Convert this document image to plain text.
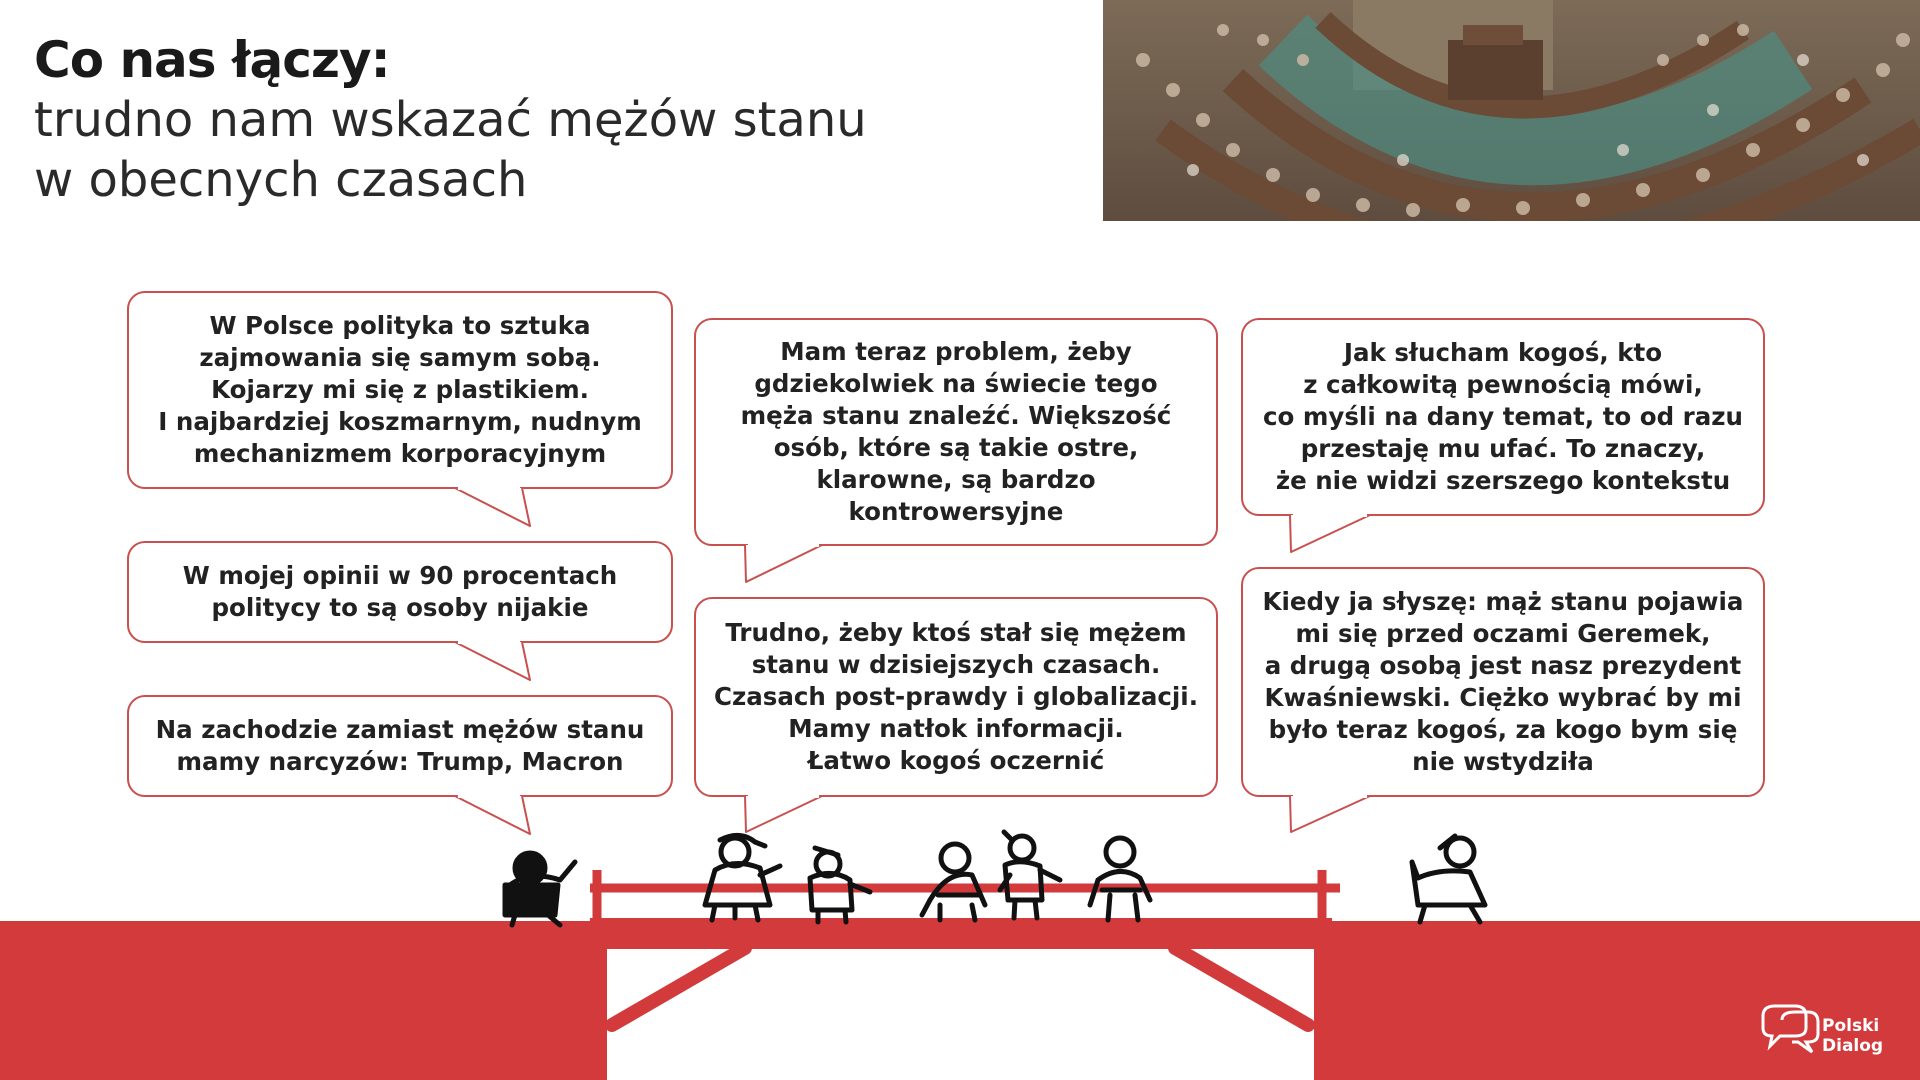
Co nas łączy:
trudno nam wskazać mężów stanu
w obecnych czasach

W Polsce polityka to sztuka
zajmowania się samym sobą.
Kojarzy mi się z plastikiem.
I najbardziej koszmarnym, nudnym
mechanizmem korporacyjnym

W mojej opinii w 90 procentach
politycy to są osoby nijakie

Na zachodzie zamiast mężów stanu
mamy narcyzów: Trump, Macron

Mam teraz problem, żeby
gdziekolwiek na świecie tego
męża stanu znaleźć. Większość
osób, które są takie ostre,
klarowne, są bardzo
kontrowersyjne

Trudno, żeby ktoś stał się mężem
stanu w dzisiejszych czasach.
Czasach post-prawdy i globalizacji.
Mamy natłok informacji.
Łatwo kogoś oczernić

Jak słucham kogoś, kto
z całkowitą pewnością mówi,
co myśli na dany temat, to od razu
przestaję mu ufać. To znaczy,
że nie widzi szerszego kontekstu

Kiedy ja słyszę: mąż stanu pojawia
mi się przed oczami Geremek,
a drugą osobą jest nasz prezydent
Kwaśniewski. Ciężko wybrać by mi
było teraz kogoś, za kogo bym się
nie wstydziła

Polski
Dialog
